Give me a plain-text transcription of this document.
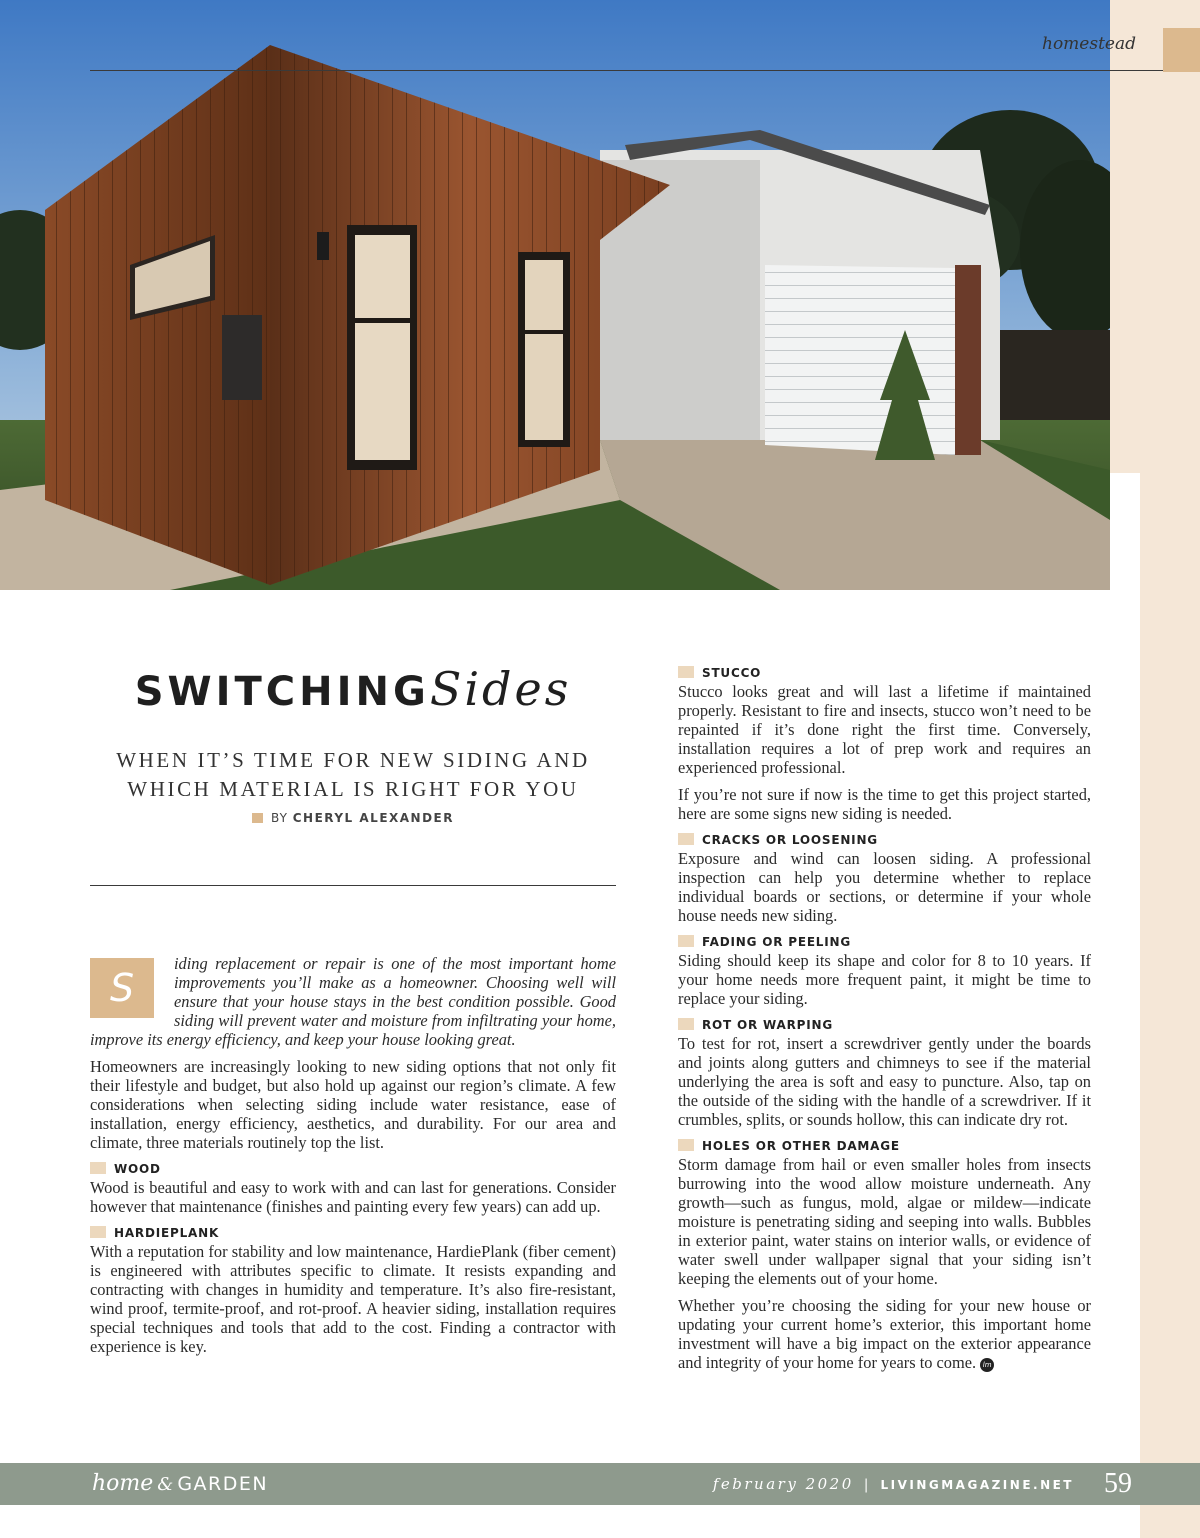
homestead
SWITCHINGSides
WHEN IT’S TIME FOR NEW SIDING AND
WHICH MATERIAL IS RIGHT FOR YOU
BY CHERYL ALEXANDER

S
iding replacement or repair is one of the most important home improvements you’ll make as a homeowner. Choosing well will ensure that your house stays in the best condition possible. Good siding will prevent water and moisture from infiltrating your home, improve its energy efficiency, and keep your house looking great.

Homeowners are increasingly looking to new siding options that not only fit their lifestyle and budget, but also hold up against our region’s climate. A few considerations when selecting siding include water resistance, ease of installation, energy efficiency, aesthetics, and durability. For our area and climate, three materials routinely top the list.

WOOD

Wood is beautiful and easy to work with and can last for generations. Consider however that maintenance (finishes and painting every few years) can add up.

HARDIEPLANK

With a reputation for stability and low maintenance, HardiePlank (fiber cement) is engineered with attributes specific to climate. It resists expanding and contracting with changes in humidity and temperature. It’s also fire-resistant, wind proof, termite-proof, and rot-proof. A heavier siding, installation requires special techniques and tools that add to the cost. Finding a contractor with experience is key.

STUCCO

Stucco looks great and will last a lifetime if maintained properly. Resistant to fire and insects, stucco won’t need to be repainted if it’s done right the first time. Conversely, installation requires a lot of prep work and requires an experienced professional.

If you’re not sure if now is the time to get this project started, here are some signs new siding is needed.

CRACKS OR LOOSENING

Exposure and wind can loosen siding. A professional inspection can help you determine whether to replace individual boards or sections, or determine if your whole house needs new siding.

FADING OR PEELING

Siding should keep its shape and color for 8 to 10 years. If your home needs more frequent paint, it might be time to replace your siding.

ROT OR WARPING

To test for rot, insert a screwdriver gently under the boards and joints along gutters and chimneys to see if the material underlying the area is soft and easy to puncture. Also, tap on the outside of the siding with the handle of a screwdriver. If it crumbles, splits, or sounds hollow, this can indicate dry rot.

HOLES OR OTHER DAMAGE

Storm damage from hail or even smaller holes from insects burrowing into the wood allow moisture underneath. Any growth—such as fungus, mold, algae or mildew—indicate moisture is penetrating siding and seeping into walls. Bubbles in exterior paint, water stains on interior walls, or evidence of water swell under wallpaper signal that your siding isn’t keeping the elements out of your home.

Whether you’re choosing the siding for your new house or updating your current home’s exterior, this important home investment will have a big impact on the exterior appearance and integrity of your home for years to come. lm

home & GARDEN	february 2020 | LIVINGMAGAZINE.NET 59
